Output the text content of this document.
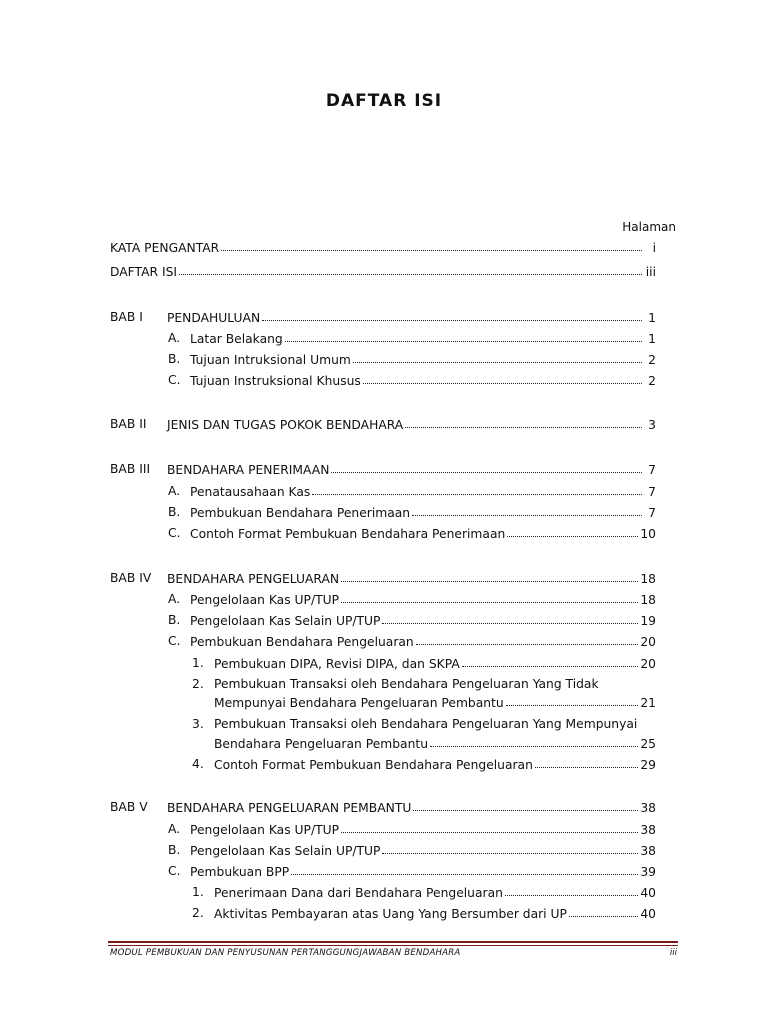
DAFTAR ISI
Halaman
KATA PENGANTAR	i
DAFTAR ISI	iii
BAB I PENDAHULUAN	1
A. Latar Belakang	1
B. Tujuan Intruksional Umum	2
C. Tujuan Instruksional Khusus	2
BAB II JENIS DAN TUGAS POKOK BENDAHARA	3
BAB III BENDAHARA PENERIMAAN	7
A. Penatausahaan Kas	7
B. Pembukuan Bendahara Penerimaan	7
C. Contoh Format Pembukuan Bendahara Penerimaan	10
BAB IV BENDAHARA PENGELUARAN	18
A. Pengelolaan Kas UP/TUP	18
B. Pengelolaan Kas Selain UP/TUP	19
C. Pembukuan Bendahara Pengeluaran	20
1. Pembukuan DIPA, Revisi DIPA, dan SKPA	20
2. Pembukuan Transaksi oleh Bendahara Pengeluaran Yang Tidak
Mempunyai Bendahara Pengeluaran Pembantu	21
3. Pembukuan Transaksi oleh Bendahara Pengeluaran Yang Mempunyai
Bendahara Pengeluaran Pembantu	25
4. Contoh Format Pembukuan Bendahara Pengeluaran	29
BAB V BENDAHARA PENGELUARAN PEMBANTU	38
A. Pengelolaan Kas UP/TUP	38
B. Pengelolaan Kas Selain UP/TUP	38
C. Pembukuan BPP	39
1. Penerimaan Dana dari Bendahara Pengeluaran	40
2. Aktivitas Pembayaran atas Uang Yang Bersumber dari UP	40
MODUL PEMBUKUAN DAN PENYUSUNAN PERTANGGUNGJAWABAN BENDAHARA	iii
